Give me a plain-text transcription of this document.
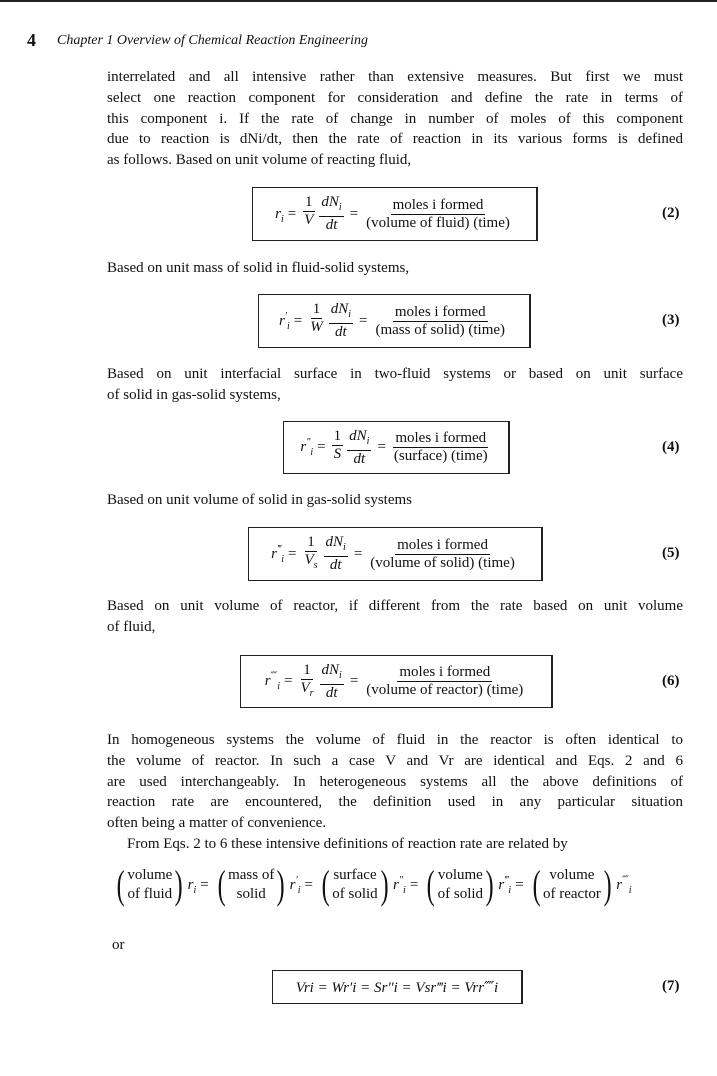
4 Chapter 1 Overview of Chemical Reaction Engineering
interrelated and all intensive rather than extensive measures. But first we must
select one reaction component for consideration and define the rate in terms of
this component i. If the rate of change in number of moles of this component
due to reaction is dNi/dt, then the rate of reaction in its various forms is defined
as follows. Based on unit volume of reacting fluid,
Based on unit mass of solid in fluid-solid systems,
Based on unit interfacial surface in two-fluid systems or based on unit surface
of solid in gas-solid systems,
Based on unit volume of solid in gas-solid systems
Based on unit volume of reactor, if different from the rate based on unit volume
of fluid,
In homogeneous systems the volume of fluid in the reactor is often identical to
the volume of reactor. In such a case V and Vr are identical and Eqs. 2 and 6
are used interchangeably. In heterogeneous systems all the above definitions of
reaction rate are encountered, the definition used in any particular situation
often being a matter of convenience.
From Eqs. 2 to 6 these intensive definitions of reaction rate are related by
or
$r_i = \frac{1}{V} \frac{dN_i}{dt} = \frac{\text{moles i formed}}{\text{(volume of fluid) (time)}}$
$r'_i = \frac{1}{W} \frac{dN_i}{dt} = \frac{\text{moles i formed}}{\text{(mass of solid) (time)}}$
$r''_i = \frac{1}{S} \frac{dN_i}{dt} = \frac{\text{moles i formed}}{\text{(surface) (time)}}$
$r^‴_i = \frac{1}{V_s} \frac{dN_i}{dt} = \frac{\text{moles i formed}}{\text{(volume of solid) (time)}}$
$r^⁗_i = \frac{1}{V_r} \frac{dN_i}{dt} = \frac{\text{moles i formed}}{\text{(volume of reactor) (time)}}$
(2)
(3)
(4)
(5)
(6)
( volume
of fluid ) $r_i$ = ( mass of
solid ) $r'_i$ = ( surface
of solid ) $r''_i$ = ( volume
of solid ) $r^‴_i$ = ( volume
of reactor ) $r^⁗_i$
Vri = Wr′i = Sr″i = Vsr‴i = Vrr⁗i	(7)
